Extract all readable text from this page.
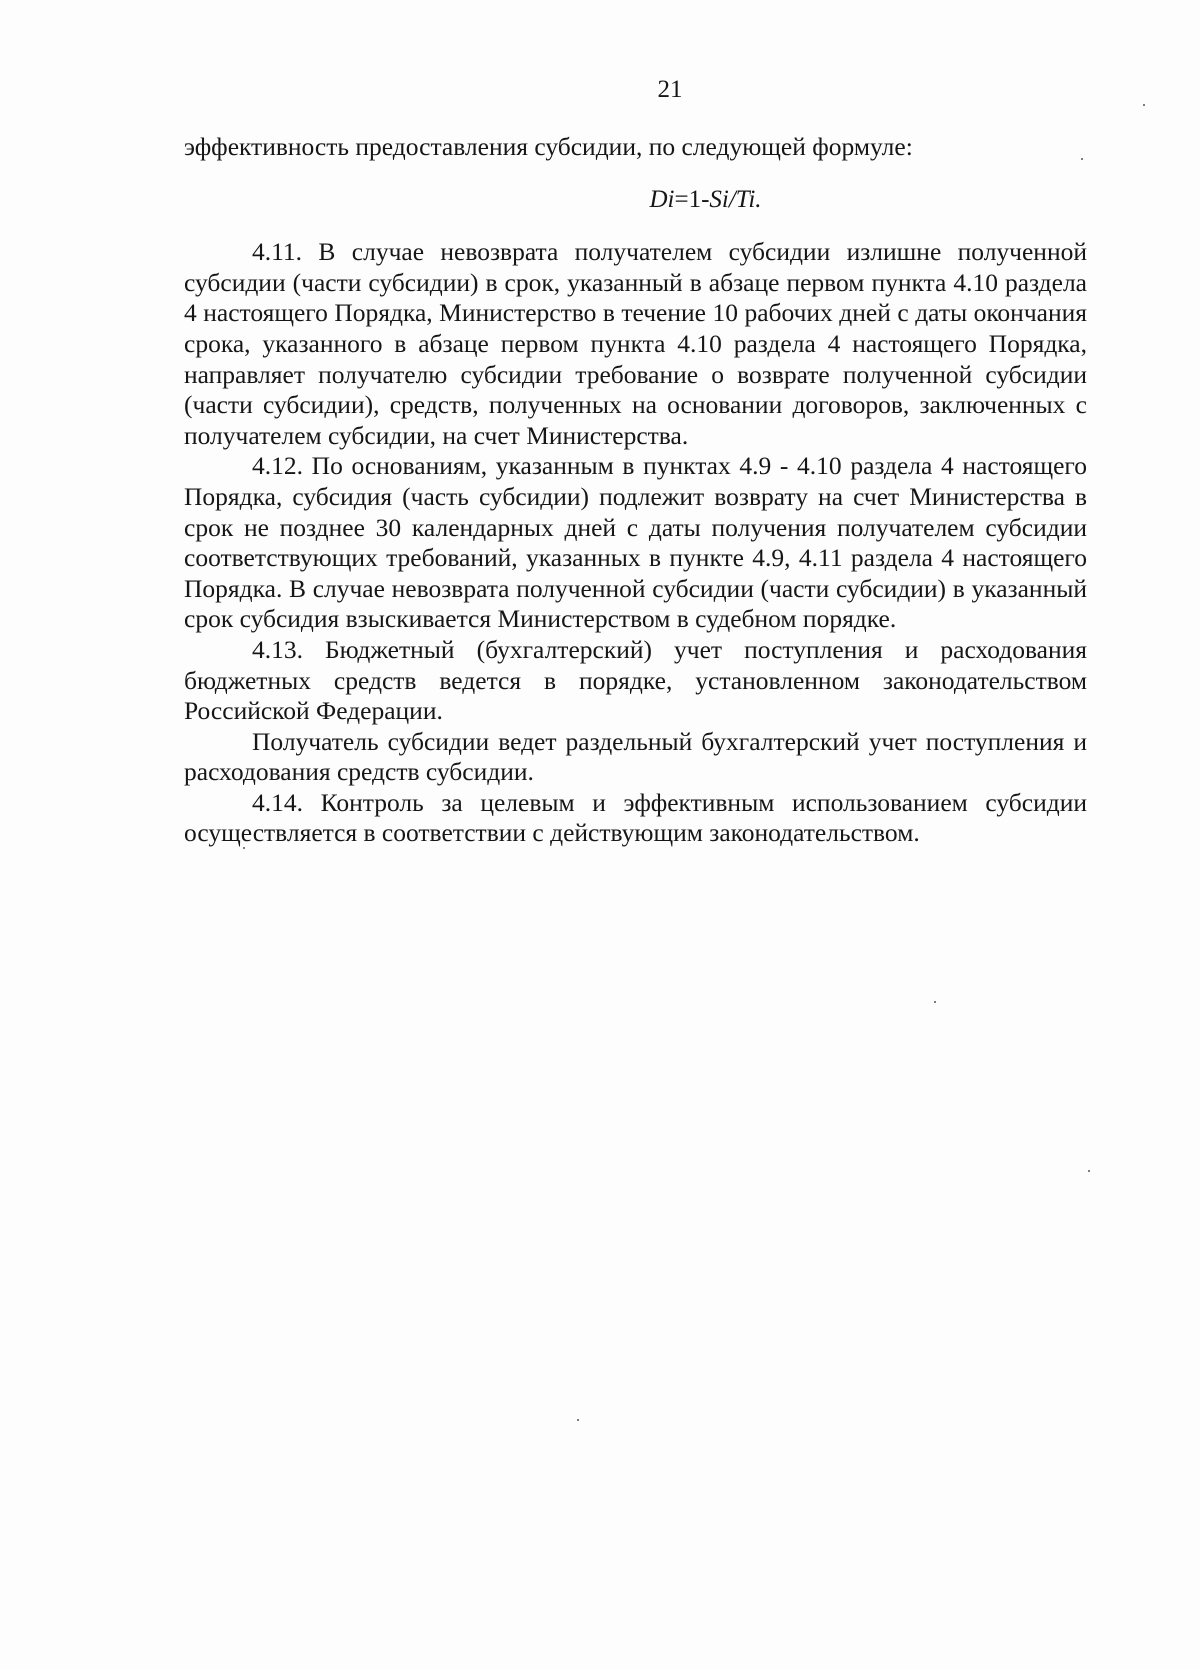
21

эффективность предоставления субсидии, по следующей формуле:

Di=1-Si/Ti.

4.11. В случае невозврата получателем субсидии излишне полученной субсидии (части субсидии) в срок, указанный в абзаце первом пункта 4.10 раздела 4 настоящего Порядка, Министерство в течение 10 рабочих дней с даты окончания срока, указанного в абзаце первом пункта 4.10 раздела 4 настоящего Порядка, направляет получателю субсидии требование о возврате полученной субсидии (части субсидии), средств, полученных на основании договоров, заключенных с получателем субсидии, на счет Министерства.

4.12. По основаниям, указанным в пунктах 4.9 - 4.10 раздела 4 настоящего Порядка, субсидия (часть субсидии) подлежит возврату на счет Министерства в срок не позднее 30 календарных дней с даты получения получателем субсидии соответствующих требований, указанных в пункте 4.9, 4.11 раздела 4 настоящего Порядка. В случае невозврата полученной субсидии (части субсидии) в указанный срок субсидия взыскивается Министерством в судебном порядке.

4.13. Бюджетный (бухгалтерский) учет поступления и расходования бюджетных средств ведется в порядке, установленном законодательством Российской Федерации.

Получатель субсидии ведет раздельный бухгалтерский учет поступления и расходования средств субсидии.

4.14. Контроль за целевым и эффективным использованием субсидии осуществляется в соответствии с действующим законодательством.
